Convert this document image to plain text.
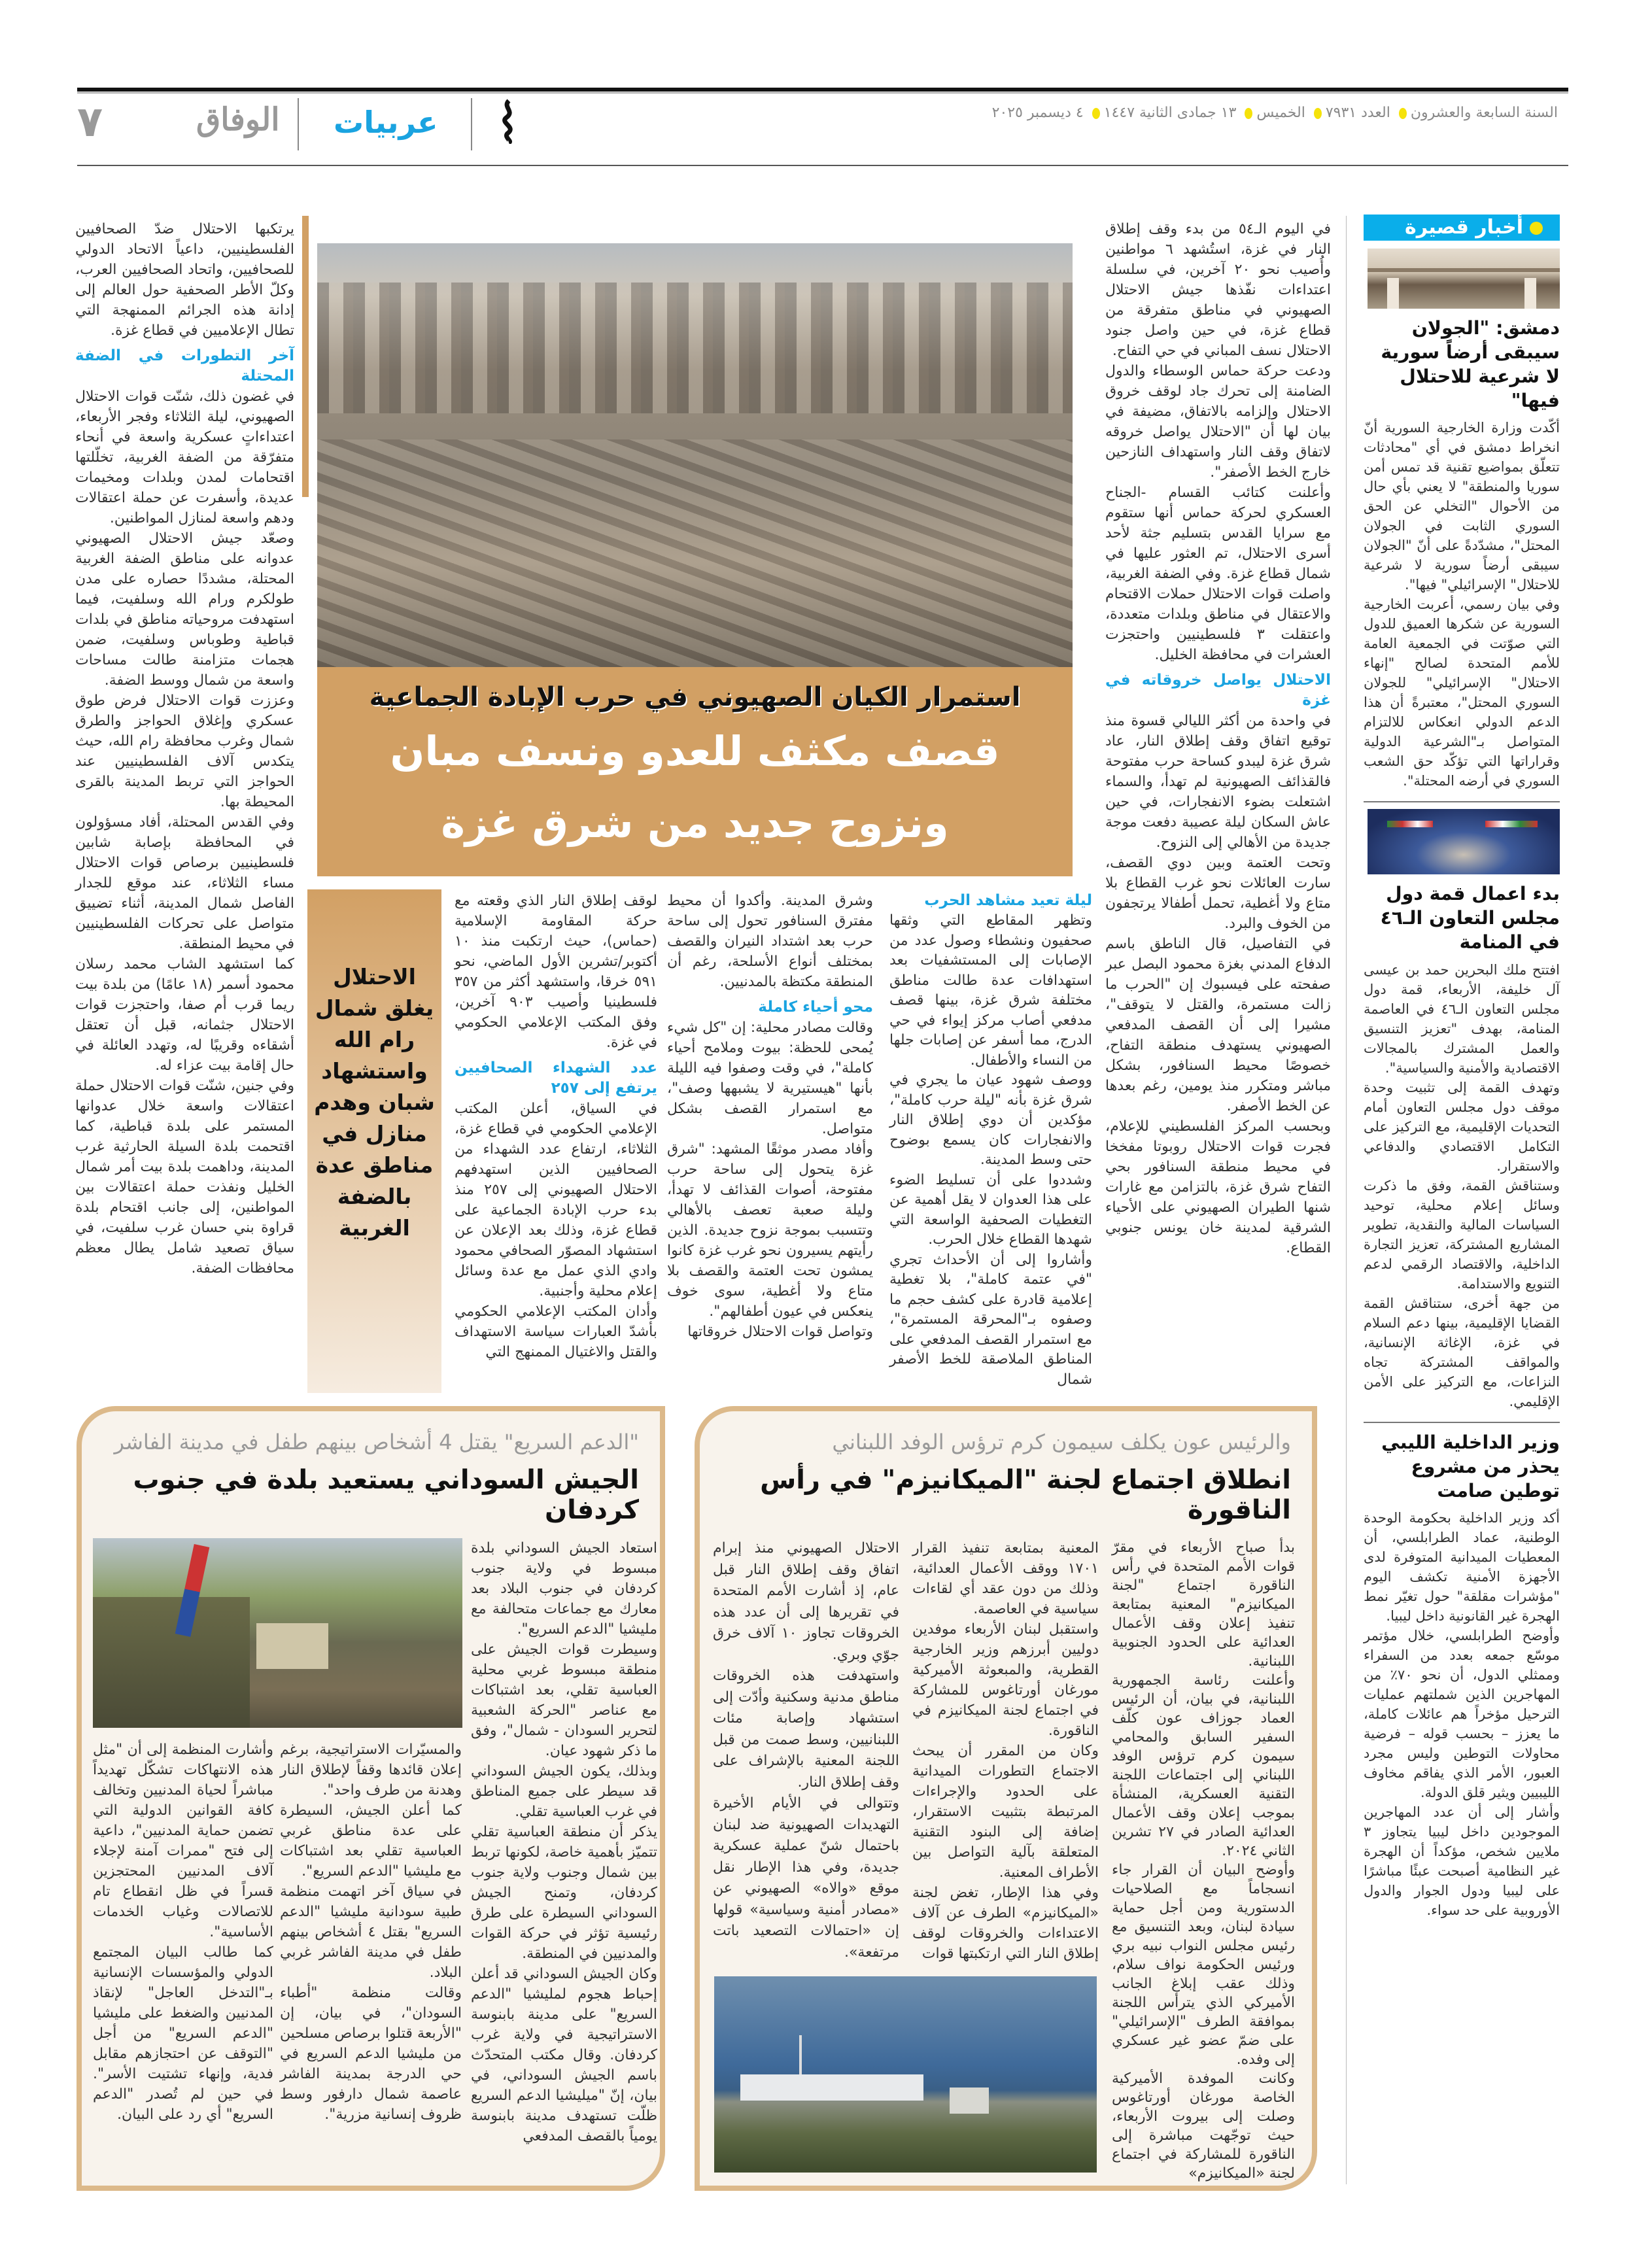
٧	الوفاق عربيات	السنة السابعة والعشرون العدد ٧٩٣١ الخميس ١٣ جمادى الثانية ١٤٤٧ ٤ ديسمبر ٢٠٢٥
أخبار قصيرة
دمشق: "الجولان سيبقى أرضاً سورية لا شرعية للاحتلال فيها"

أكّدت وزارة الخارجية السورية أنّ انخراط دمشق في أي "محادثات تتعلّق بمواضيع تقنية قد تمس أمن سوريا والمنطقة" لا يعني بأي حال من الأحوال "التخلي عن الحق السوري الثابت في الجولان المحتل"، مشدّدةً على أنّ "الجولان سيبقى أرضاً سورية لا شرعية للاحتلال" الإسرائيلي" فيها".

وفي بيان رسمي، أعربت الخارجية السورية عن شكرها العميق للدول التي صوّتت في الجمعية العامة للأمم المتحدة لصالح "إنهاء الاحتلال" الإسرائيلي" للجولان السوري المحتل"، معتبرةً أن هذا الدعم الدولي انعكاس للالتزام المتواصل بـ"الشرعية الدولية وقراراتها التي تؤكّد حق الشعب السوري في أرضه المحتلة".

بدء اعمال قمة دول مجلس التعاون الـ٤٦ في المنامة

افتتح ملك البحرين حمد بن عيسى آل خليفة، الأربعاء، قمة دول مجلس التعاون الـ٤٦ في العاصمة المنامة، بهدف "تعزيز التنسيق والعمل المشترك بالمجالات الاقتصادية والأمنية والسياسية".

وتهدف القمة إلى تثبيت وحدة موقف دول مجلس التعاون أمام التحديات الإقليمية، مع التركيز على التكامل الاقتصادي والدفاعي والاستقرار.

وستناقش القمة، وفق ما ذكرت وسائل إعلام محلية، توحيد السياسات المالية والنقدية، تطوير المشاريع المشتركة، تعزيز التجارة الداخلية، والاقتصاد الرقمي لدعم التنويع والاستدامة.

من جهة أخرى، ستناقش القمة القضايا الإقليمية، بينها دعم السلام في غزة، الإغاثة الإنسانية، والمواقف المشتركة تجاه النزاعات، مع التركيز على الأمن الإقليمي.

وزير الداخلية الليبي يحذر من مشروع توطين صامت

أكد وزير الداخلية بحكومة الوحدة الوطنية، عماد الطرابلسي، أن المعطيات الميدانية المتوفرة لدى الأجهزة الأمنية تكشف اليوم "مؤشرات مقلقة" حول تغيّر نمط الهجرة غير القانونية داخل ليبيا.

وأوضح الطرابلسي، خلال مؤتمر موسّع جمعه بعدد من السفراء وممثلي الدول، أن نحو ٧٠٪ من المهاجرين الذين شملتهم عمليات الترحيل مؤخراً هم عائلات كاملة، ما يعزز – بحسب قوله – فرضية محاولات التوطين وليس مجرد العبور، الأمر الذي يفاقم مخاوف الليبيين ويثير قلق الدولة.

وأشار إلى أن عدد المهاجرين الموجودين داخل ليبيا يتجاوز ٣ ملايين شخص، مؤكداً أن الهجرة غير النظامية أصبحت عبئًا مباشرًا على ليبيا ودول الجوار والدول الأوروبية على حد سواء.

استمرار الكيان الصهيوني في حرب الإبادة الجماعية
قصف مكثف للعدو ونسف مبان ونزوح جديد من شرق غزة
الاحتلال يغلق شمال رام الله واستشهاد شبان وهدم منازل في مناطق عدة بالضفة الغربية

في اليوم الـ٥٤ من بدء وقف إطلاق النار في غزة، استُشهد ٦ مواطنين وأُصيب نحو ٢٠ آخرين، في سلسلة اعتداءات نفّذها جيش الاحتلال الصهيوني في مناطق متفرقة من قطاع غزة، في حين واصل جنود الاحتلال نسف المباني في حي التفاح.

ودعت حركة حماس الوسطاء والدول الضامنة إلى تحرك جاد لوقف خروق الاحتلال وإلزامه بالاتفاق، مضيفة في بيان لها أن "الاحتلال يواصل خروقه لاتفاق وقف النار واستهداف النازحين خارج الخط الأصفر".

وأعلنت كتائب القسام -الجناح العسكري لحركة حماس أنها ستقوم مع سرايا القدس بتسليم جثة لأحد أسرى الاحتلال، تم العثور عليها في شمال قطاع غزة. وفي الضفة الغربية، واصلت قوات الاحتلال حملات الاقتحام والاعتقال في مناطق وبلدات متعددة، واعتقلت ٣ فلسطينيين واحتجزت العشرات في محافظة الخليل.

الاحتلال يواصل خروقاته في غزة

في واحدة من أكثر الليالي قسوة منذ توقيع اتفاق وقف إطلاق النار، عاد شرق غزة ليبدو كساحة حرب مفتوحة فالقذائف الصهيونية لم تهدأ، والسماء اشتعلت بضوء الانفجارات، في حين عاش السكان ليلة عصيبة دفعت موجة جديدة من الأهالي إلى النزوح.

وتحت العتمة وبين دوي القصف، سارت العائلات نحو غرب القطاع بلا متاع ولا أغطية، تحمل أطفالا يرتجفون من الخوف والبرد.

في التفاصيل، قال الناطق باسم الدفاع المدني بغزة محمود البصل عبر صفحته على فيسبوك إن "الحرب ما زالت مستمرة، والقتل لا يتوقف"، مشيرا إلى أن القصف المدفعي الصهيوني يستهدف منطقة التفاح، خصوصًا محيط السنافور، بشكل مباشر ومتكرر منذ يومين، رغم بعدها عن الخط الأصفر.

وبحسب المركز الفلسطيني للإعلام، فجرت قوات الاحتلال روبوتا مفخخا في محيط منطقة السنافور بحي التفاح شرق غزة، بالتزامن مع غارات شنها الطيران الصهيوني على الأحياء الشرقية لمدينة خان يونس جنوبي القطاع.

ليلة تعيد مشاهد الحرب

وتظهر المقاطع التي وثقها صحفيون ونشطاء وصول عدد من الإصابات إلى المستشفيات بعد استهدافات عدة طالت مناطق مختلفة شرق غزة، بينها قصف مدفعي أصاب مركز إيواء في حي الدرج، مما أسفر عن إصابات جلها من النساء والأطفال.

ووصف شهود عيان ما يجري في شرق غزة بأنه "ليلة حرب كاملة"، مؤكدين أن دوي إطلاق النار والانفجارات كان يسمع بوضوح حتى وسط المدينة.

وشددوا على أن تسليط الضوء على هذا العدوان لا يقل أهمية عن التغطيات الصحفية الواسعة التي شهدها القطاع خلال الحرب.

وأشاروا إلى أن الأحداث تجري "في عتمة كاملة"، بلا تغطية إعلامية قادرة على كشف حجم ما وصفوه بـ"المحرقة المستمرة"، مع استمرار القصف المدفعي على المناطق الملاصقة للخط الأصفر شمال

وشرق المدينة. وأكدوا أن محيط مفترق السنافور تحول إلى ساحة حرب بعد اشتداد النيران والقصف بمختلف أنواع الأسلحة، رغم أن المنطقة مكتظة بالمدنيين.

محو أحياء كاملة

وقالت مصادر محلية: إن "كل شيء يُمحى للحظة: بيوت وملامح أحياء كاملة"، في وقت وصفوا فيه الليلة بأنها "هيستيرية لا يشبهها وصف"، مع استمرار القصف بشكل متواصل.

وأفاد مصدر موثقًا المشهد: "شرق غزة يتحول إلى ساحة حرب مفتوحة، أصوات القذائف لا تهدأ، وليلة صعبة تعصف بالأهالي وتتسبب بموجة نزوح جديدة. الذين رأيتهم يسيرون نحو غرب غزة كانوا يمشون تحت العتمة والقصف بلا متاع ولا أغطية، سوى خوف ينعكس في عيون أطفالهم".

وتواصل قوات الاحتلال خروقاتها

لوقف إطلاق النار الذي وقعته مع حركة المقاومة الإسلامية (حماس)، حيث ارتكبت منذ ١٠ أكتوبر/تشرين الأول الماضي، نحو ٥٩١ خرقا، واستشهد أكثر من ٣٥٧ فلسطينيا وأصيب ٩٠٣ آخرين، وفق المكتب الإعلامي الحكومي في غزة.

عدد الشهداء الصحافيين يرتفع إلى ٢٥٧

في السياق، أعلن المكتب الإعلامي الحكومي في قطاع غزة، الثلاثاء، ارتفاع عدد الشهداء من الصحافيين الذين استهدفهم الاحتلال الصهيوني إلى ٢٥٧ منذ بدء حرب الإبادة الجماعية على قطاع غزة، وذلك بعد الإعلان عن استشهاد المصوّر الصحافي محمود وادي الذي عمل مع عدة وسائل إعلام محلية وأجنبية.

وأدان المكتب الإعلامي الحكومي بأشدّ العبارات سياسة الاستهداف والقتل والاغتيال الممنهج التي

يرتكبها الاحتلال ضدّ الصحافيين الفلسطينيين، داعياً الاتحاد الدولي للصحافيين، واتحاد الصحافيين العرب، وكلّ الأطر الصحفية حول العالم إلى إدانة هذه الجرائم الممنهجة التي تطال الإعلاميين في قطاع غزة.

آخر التطورات في الضفة المحتلة

في غضون ذلك، شنّت قوات الاحتلال الصهيوني، ليلة الثلاثاء وفجر الأربعاء، اعتداءاتٍ عسكرية واسعة في أنحاء متفرّقة من الضفة الغربية، تخلّلتها اقتحامات لمدن وبلدات ومخيمات عديدة، وأسفرت عن حملة اعتقالات ودهم واسعة لمنازل المواطنين.

وصعّد جيش الاحتلال الصهيوني عدوانه على مناطق الضفة الغربية المحتلة، مشددًا حصاره على مدن طولكرم ورام الله وسلفيت، فيما استهدفت مروحياته مناطق في بلدات قباطية وطوباس وسلفيت، ضمن هجمات متزامنة طالت مساحات واسعة من شمال ووسط الضفة.

وعززت قوات الاحتلال فرض طوق عسكري وإغلاق الحواجز والطرق شمال وغرب محافظة رام الله، حيث يتكدس آلاف الفلسطينيين عند الحواجز التي تربط المدينة بالقرى المحيطة بها.

وفي القدس المحتلة، أفاد مسؤولون في المحافظة بإصابة شابين فلسطينيين برصاص قوات الاحتلال مساء الثلاثاء، عند موقع للجدار الفاصل شمال المدينة، أثناء تضييق متواصل على تحركات الفلسطينيين في محيط المنطقة.

كما استشهد الشاب محمد رسلان محمود أسمر (١٨ عامًا) من بلدة بيت ريما قرب أم صفا، واحتجزت قوات الاحتلال جثمانه، قبل أن تعتقل أشقاءه وقريبًا له، وتهدد العائلة في حال إقامة بيت عزاء له.

وفي جنين، شنّت قوات الاحتلال حملة اعتقالات واسعة خلال عدوانها المستمر على بلدة قباطية، كما اقتحمت بلدة السيلة الحارثية غرب المدينة، وداهمت بلدة بيت أمر شمال الخليل ونفذت حملة اعتقالات بين المواطنين، إلى جانب اقتحام بلدة قراوة بني حسان غرب سلفيت، في سياق تصعيد شامل يطال معظم محافظات الضفة.

"الدعم السريع" يقتل 4 أشخاص بينهم طفل في مدينة الفاشر
الجيش السوداني يستعيد بلدة في جنوب كردفان
والرئيس عون يكلف سيمون كرم ترؤس الوفد اللبناني
انطلاق اجتماع لجنة "الميكانيزم" في رأس الناقورة

بدأ صباح الأربعاء في مقرّ قوات الأمم المتحدة في رأس الناقورة اجتماع "لجنة الميكانيزم" المعنية بمتابعة تنفيذ إعلان وقف الأعمال العدائية على الحدود الجنوبية اللبنانية.

وأعلنت رئاسة الجمهورية اللبنانية، في بيان، أن الرئيس العماد جوزاف عون كلّف السفير السابق والمحامي سيمون كرم ترؤس الوفد اللبناني إلى اجتماعات اللجنة التقنية العسكرية، المنشأة بموجب إعلان وقف الأعمال العدائية الصادر في ٢٧ تشرين الثاني ٢٠٢٤.

وأوضح البيان أن القرار جاء انسجاماً مع الصلاحيات الدستورية ومن أجل حماية سيادة لبنان، وبعد التنسيق مع رئيس مجلس النواب نبيه بري ورئيس الحكومة نواف سلام، وذلك عقب إبلاغ الجانب الأميركي الذي يترأس اللجنة بموافقة الطرف "الإسرائيلي" على ضمّ عضو غير عسكري إلى وفده.

وكانت الموفدة الأميركية الخاصة مورغان أورتاغوس وصلت إلى بيروت الأربعاء، حيث توجّهت مباشرة إلى الناقورة للمشاركة في اجتماع لجنة «الميكانيزم»

المعنية بمتابعة تنفيذ القرار ١٧٠١ ووقف الأعمال العدائية، وذلك من دون عقد أي لقاءات سياسية في العاصمة.

واستقبل لبنان الأربعاء موفدين دوليين أبرزهم وزير الخارجية القطرية، والمبعوثة الأميركية مورغان أورتاغوس للمشاركة في اجتماع لجنة الميكانيزم في الناقورة.

وكان من المقرر أن يبحث الاجتماع التطورات الميدانية على الحدود والإجراءات المرتبطة بتثبيت الاستقرار، إضافة إلى البنود التقنية المتعلقة بآلية التواصل بين الأطراف المعنية.

وفي هذا الإطار، تغض لجنة «الميكانيزم» الطرف عن آلاف الاعتداءات والخروقات لوقف إطلاق النار التي ارتكبتها قوات

الاحتلال الصهيوني منذ إبرام اتفاق وقف إطلاق النار قبل عام، إذ أشارت الأمم المتحدة في تقريرها إلى أن عدد هذه الخروقات تجاوز ١٠ آلاف خرق جوّي وبري.

واستهدفت هذه الخروقات مناطق مدنية وسكنية وأدّت إلى استشهاد وإصابة مئات اللبنانيين، وسط صمت من قبل اللجنة المعنية بالإشراف على وقف إطلاق النار.

وتتوالى في الأيام الأخيرة التهديدات الصهيونية ضد لبنان باحتمال شنّ عملية عسكرية جديدة، وفي هذا الإطار نقل موقع «والاه» الصهيوني عن «مصادر أمنية وسياسية» قولها إن «احتمالات التصعيد باتت مرتفعة».

استعاد الجيش السوداني بلدة مبسوط في ولاية جنوب كردفان في جنوب البلاد بعد معارك مع جماعات متحالفة مع مليشيا "الدعم السريع".

وسيطرت قوات الجيش على منطقة مبسوط غربي محلية العباسية تقلي، بعد اشتباكات مع عناصر "الحركة الشعبية لتحرير السودان - شمال"، وفق ما ذكر شهود عيان.

وبذلك، يكون الجيش السوداني قد سيطر على جميع المناطق في غرب العباسية تقلي.

يذكر أن منطقة العباسية تقلي تتميّز بأهمية خاصة، لكونها تربط بين شمال وجنوب ولاية جنوب كردفان، وتمنح الجيش السوداني السيطرة على طرق رئيسية تؤثر في حركة القوات والمدنيين في المنطقة.

وكان الجيش السوداني قد أعلن إحباط هجوم لمليشيا "الدعم السريع" على مدينة بابنوسة الاستراتيجية في ولاية غرب كردفان. وقال مكتب المتحدّث باسم الجيش السوداني، في بيان، إنّ "ميليشيا الدعم السريع ظلّت تستهدف مدينة بابنوسة يومياً بالقصف المدفعي

والمسيّرات الاستراتيجية، برغم إعلان قائدها وقفاً لإطلاق النار وهدنة من طرف واحد".

كما أعلن الجيش، السيطرة على عدة مناطق غربي العباسية تقلي بعد اشتباكات مع مليشيا "الدعم السريع".

في سياق آخر اتهمت منظمة طبية سودانية مليشيا "الدعم السريع" بقتل ٤ أشخاص بينهم طفل في مدينة الفاشر غربي البلاد.

وقالت منظمة "أطباء السودان"، في بيان، إن "الأربعة قتلوا برصاص مسلحين من مليشيا الدعم السريع في حي الدرجة بمدينة الفاشر عاصمة شمال دارفور وسط ظروف إنسانية مزرية".

وأشارت المنظمة إلى أن "مثل هذه الانتهاكات تشكّل تهديداً مباشراً لحياة المدنيين وتخالف كافة القوانين الدولية التي تضمن حماية المدنيين"، داعية إلى فتح "ممرات آمنة لإجلاء آلاف المدنيين المحتجزين قسراً في ظل انقطاع تام للاتصالات وغياب الخدمات الأساسية".

كما طالب البيان المجتمع الدولي والمؤسسات الإنسانية بـ"التدخل العاجل" لإنقاذ المدنيين والضغط على مليشيا "الدعم السريع" من أجل "التوقف عن احتجازهم مقابل فدية، وإنهاء تشتيت الأسر". في حين لم تُصدر "الدعم السريع" أي رد على البيان.
